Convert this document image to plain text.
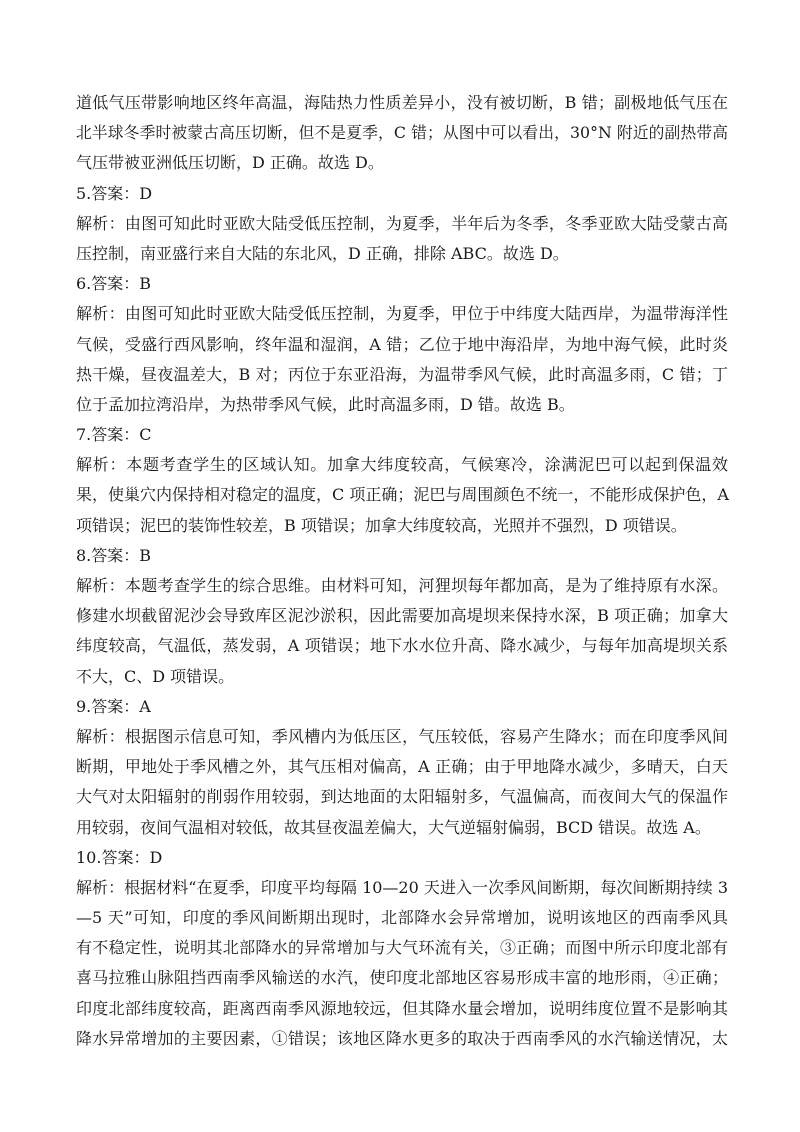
道低气压带影响地区终年高温，海陆热力性质差异小，没有被切断，B 错；副极地低气压在

北半球冬季时被蒙古高压切断，但不是夏季，C 错；从图中可以看出，30°N 附近的副热带高

气压带被亚洲低压切断，D 正确。故选 D。

5.答案：D

解析：由图可知此时亚欧大陆受低压控制，为夏季，半年后为冬季，冬季亚欧大陆受蒙古高

压控制，南亚盛行来自大陆的东北风，D 正确，排除 ABC。故选 D。

6.答案：B

解析：由图可知此时亚欧大陆受低压控制，为夏季，甲位于中纬度大陆西岸，为温带海洋性

气候，受盛行西风影响，终年温和湿润，A 错；乙位于地中海沿岸，为地中海气候，此时炎

热干燥，昼夜温差大，B 对；丙位于东亚沿海，为温带季风气候，此时高温多雨，C 错；丁

位于孟加拉湾沿岸，为热带季风气候，此时高温多雨，D 错。故选 B。

7.答案：C

解析：本题考查学生的区域认知。加拿大纬度较高，气候寒冷，涂满泥巴可以起到保温效

果，使巢穴内保持相对稳定的温度，C 项正确；泥巴与周围颜色不统一，不能形成保护色，A

项错误；泥巴的装饰性较差，B 项错误；加拿大纬度较高，光照并不强烈，D 项错误。

8.答案：B

解析：本题考查学生的综合思维。由材料可知，河狸坝每年都加高，是为了维持原有水深。

修建水坝截留泥沙会导致库区泥沙淤积，因此需要加高堤坝来保持水深，B 项正确；加拿大

纬度较高，气温低，蒸发弱，A 项错误；地下水水位升高、降水减少，与每年加高堤坝关系

不大，C、D 项错误。

9.答案：A

解析：根据图示信息可知，季风槽内为低压区，气压较低，容易产生降水；而在印度季风间

断期，甲地处于季风槽之外，其气压相对偏高，A 正确；由于甲地降水减少，多晴天，白天

大气对太阳辐射的削弱作用较弱，到达地面的太阳辐射多，气温偏高，而夜间大气的保温作

用较弱，夜间气温相对较低，故其昼夜温差偏大，大气逆辐射偏弱，BCD 错误。故选 A。

10.答案：D

解析：根据材料“在夏季，印度平均每隔 10—20 天进入一次季风间断期，每次间断期持续 3

—5 天”可知，印度的季风间断期出现时，北部降水会异常增加，说明该地区的西南季风具

有不稳定性，说明其北部降水的异常增加与大气环流有关，③正确；而图中所示印度北部有

喜马拉雅山脉阻挡西南季风输送的水汽，使印度北部地区容易形成丰富的地形雨，④正确；

印度北部纬度较高，距离西南季风源地较远，但其降水量会增加，说明纬度位置不是影响其

降水异常增加的主要因素，①错误；该地区降水更多的取决于西南季风的水汽输送情况，太
